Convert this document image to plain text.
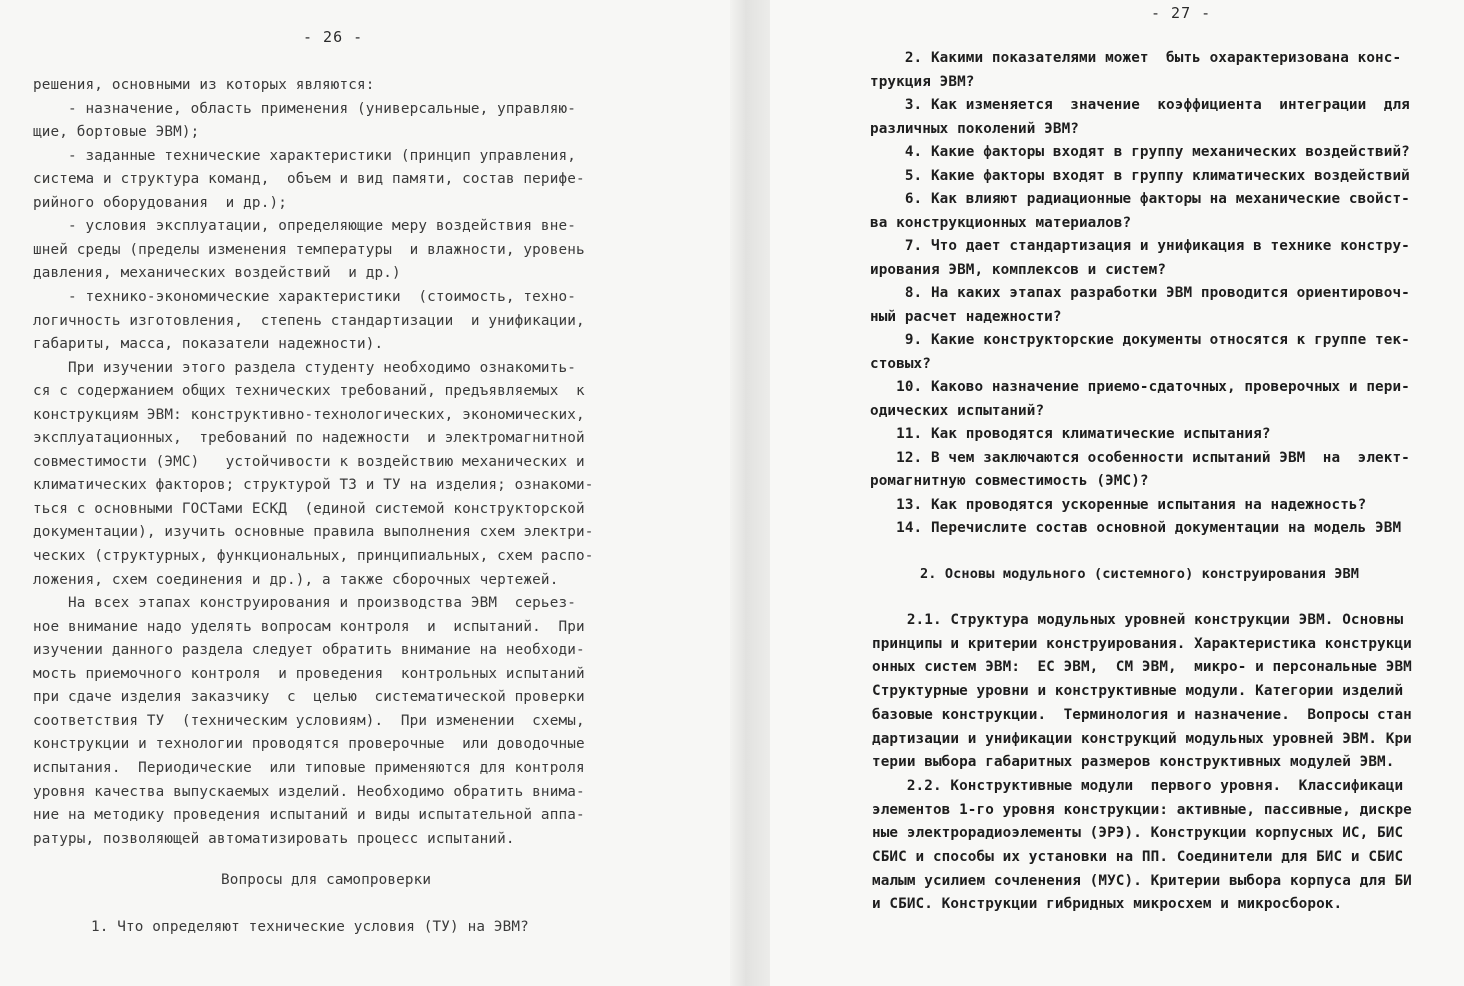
- 26 -
решения, основными из которых являются:
- назначение, область применения (универсальные, управляю-
щие, бортовые ЭВМ);
- заданные технические характеристики (принцип управления,
система и структура команд,  объем и вид памяти, состав перифе-
рийного оборудования  и др.);
- условия эксплуатации, определяющие меру воздействия вне-
шней среды (пределы изменения температуры  и влажности, уровень
давления, механических воздействий  и др.)
- технико-экономические характеристики  (стоимость, техно-
логичность изготовления,  степень стандартизации  и унификации,
габариты, масса, показатели надежности).
При изучении этого раздела студенту необходимо ознакомить-
ся с содержанием общих технических требований, предъявляемых  к
конструкциям ЭВМ: конструктивно-технологических, экономических,
эксплуатационных,  требований по надежности  и электромагнитной
совместимости (ЭМС)   устойчивости к воздействию механических и
климатических факторов; структурой ТЗ и ТУ на изделия; ознакоми-
ться с основными ГОСТами ЕСКД  (единой системой конструкторской
документации), изучить основные правила выполнения схем электри-
ческих (структурных, функциональных, принципиальных, схем распо-
ложения, схем соединения и др.), а также сборочных чертежей.
На всех этапах конструирования и производства ЭВМ  серьез-
ное внимание надо уделять вопросам контроля  и  испытаний.  При
изучении данного раздела следует обратить внимание на необходи-
мость приемочного контроля  и проведения  контрольных испытаний
при сдаче изделия заказчику  с  целью  систематической проверки
соответствия ТУ  (техническим условиям).  При изменении  схемы,
конструкции и технологии проводятся проверочные  или доводочные
испытания.  Периодические  или типовые применяются для контроля
уровня качества выпускаемых изделий. Необходимо обратить внима-
ние на методику проведения испытаний и виды испытательной аппа-
ратуры, позволяющей автоматизировать процесс испытаний.
Вопросы для самопроверки
1. Что определяют технические условия (ТУ) на ЭВМ?
- 27 -
2. Какими показателями может  быть охарактеризована конс-
трукция ЭВМ?
3. Как изменяется  значение  коэффициента  интеграции  для
различных поколений ЭВМ?
4. Какие факторы входят в группу механических воздействий?
5. Какие факторы входят в группу климатических воздействий
6. Как влияют радиационные факторы на механические свойст-
ва конструкционных материалов?
7. Что дает стандартизация и унификация в технике констру-
ирования ЭВМ, комплексов и систем?
8. На каких этапах разработки ЭВМ проводится ориентировоч-
ный расчет надежности?
9. Какие конструкторские документы относятся к группе тек-
стовых?
10. Каково назначение приемо-сдаточных, проверочных и пери-
одических испытаний?
11. Как проводятся климатические испытания?
12. В чем заключаются особенности испытаний ЭВМ  на  элект-
ромагнитную совместимость (ЭМС)?
13. Как проводятся ускоренные испытания на надежность?
14. Перечислите состав основной документации на модель ЭВМ
2. Основы модульного (системного) конструирования ЭВМ
2.1. Структура модульных уровней конструкции ЭВМ. Основны
принципы и критерии конструирования. Характеристика конструкци
онных систем ЭВМ:  ЕС ЭВМ,  СМ ЭВМ,  микро- и персональные ЭВМ
Структурные уровни и конструктивные модули. Категории изделий
базовые конструкции.  Терминология и назначение.  Вопросы стан
дартизации и унификации конструкций модульных уровней ЭВМ. Кри
терии выбора габаритных размеров конструктивных модулей ЭВМ.
2.2. Конструктивные модули  первого уровня.  Классификаци
элементов 1-го уровня конструкции: активные, пассивные, дискре
ные электрорадиоэлементы (ЭРЭ). Конструкции корпусных ИС, БИС
СБИС и способы их установки на ПП. Соединители для БИС и СБИС
малым усилием сочленения (МУС). Критерии выбора корпуса для БИ
и СБИС. Конструкции гибридных микросхем и микросборок.
